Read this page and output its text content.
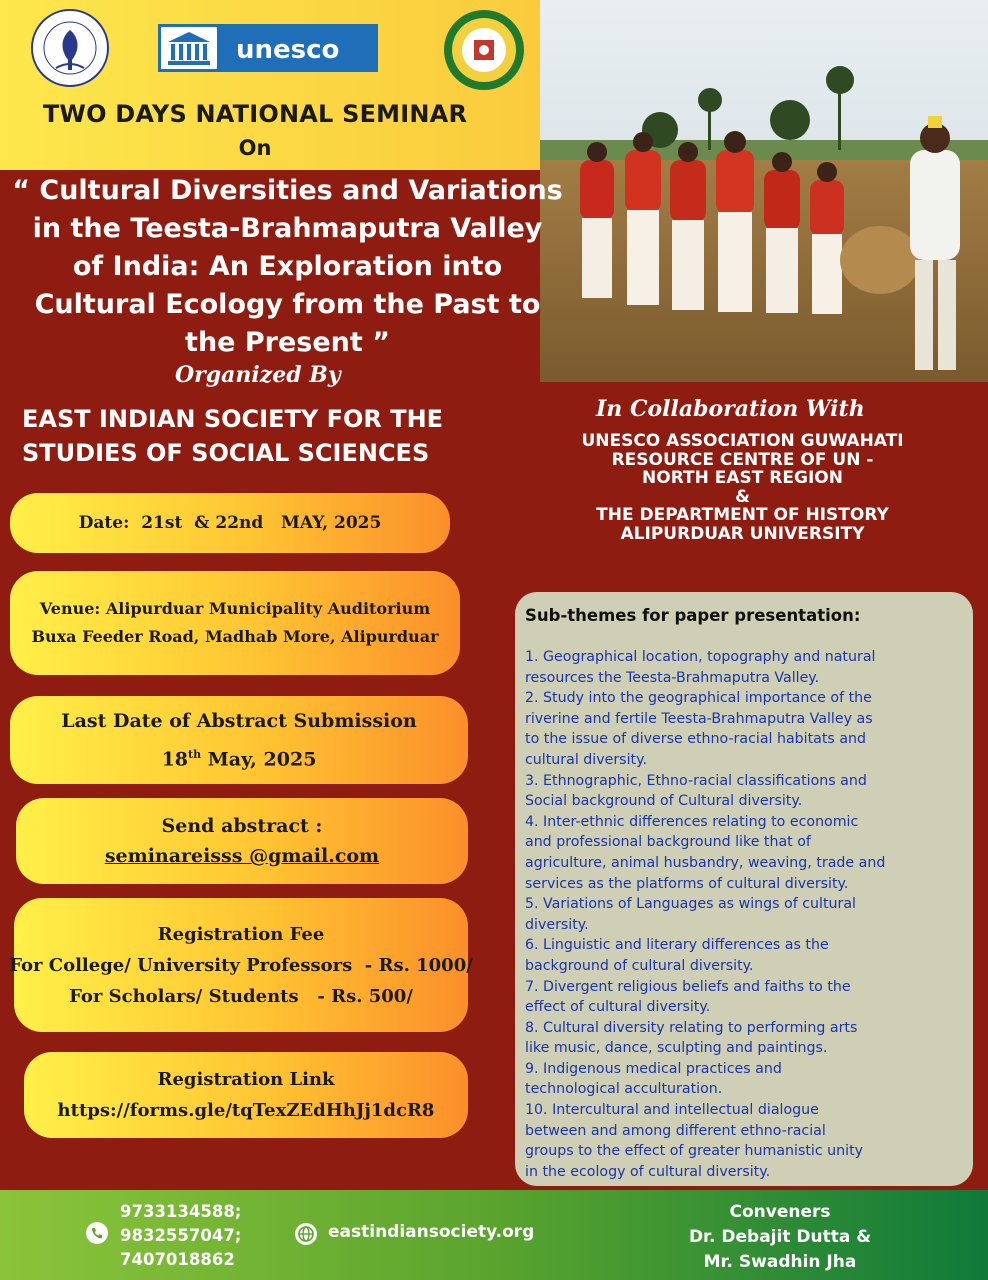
unesco
TWO DAYS NATIONAL SEMINAR
On
“ Cultural Diversities and Variations
in the Teesta-Brahmaputra Valley
of India: An Exploration into
Cultural Ecology from the Past to
the Present ”
Organized By
EAST INDIAN SOCIETY FOR THE
STUDIES OF SOCIAL SCIENCES
In Collaboration With
UNESCO ASSOCIATION GUWAHATI
RESOURCE CENTRE OF UN -
NORTH EAST REGION
&
THE DEPARTMENT OF HISTORY
ALIPURDUAR UNIVERSITY
Date:  21st  & 22nd   MAY, 2025
Venue: Alipurduar Municipality Auditorium
Buxa Feeder Road, Madhab More, Alipurduar
Last Date of Abstract Submission
18th May, 2025
Send abstract :
seminareisss @gmail.com
Registration Fee
For College/ University Professors  - Rs. 1000/
For Scholars/ Students   - Rs. 500/
Registration Link
https://forms.gle/tqTexZEdHhJj1dcR8
Sub-themes for paper presentation:
1. Geographical location, topography and natural
resources the Teesta-Brahmaputra Valley.
2. Study into the geographical importance of the
riverine and fertile Teesta-Brahmaputra Valley as
to the issue of diverse ethno-racial habitats and
cultural diversity.
3. Ethnographic, Ethno-racial classifications and
Social background of Cultural diversity.
4. Inter-ethnic differences relating to economic
and professional background like that of
agriculture, animal husbandry, weaving, trade and
services as the platforms of cultural diversity.
5. Variations of Languages as wings of cultural
diversity.
6. Linguistic and literary differences as the
background of cultural diversity.
7. Divergent religious beliefs and faiths to the
effect of cultural diversity.
8. Cultural diversity relating to performing arts
like music, dance, sculpting and paintings.
9. Indigenous medical practices and
technological acculturation.
10. Intercultural and intellectual dialogue
between and among different ethno-racial
groups to the effect of greater humanistic unity
in the ecology of cultural diversity.
9733134588;
9832557047;
7407018862
eastindiansociety.org
Conveners
Dr. Debajit Dutta &
Mr. Swadhin Jha
